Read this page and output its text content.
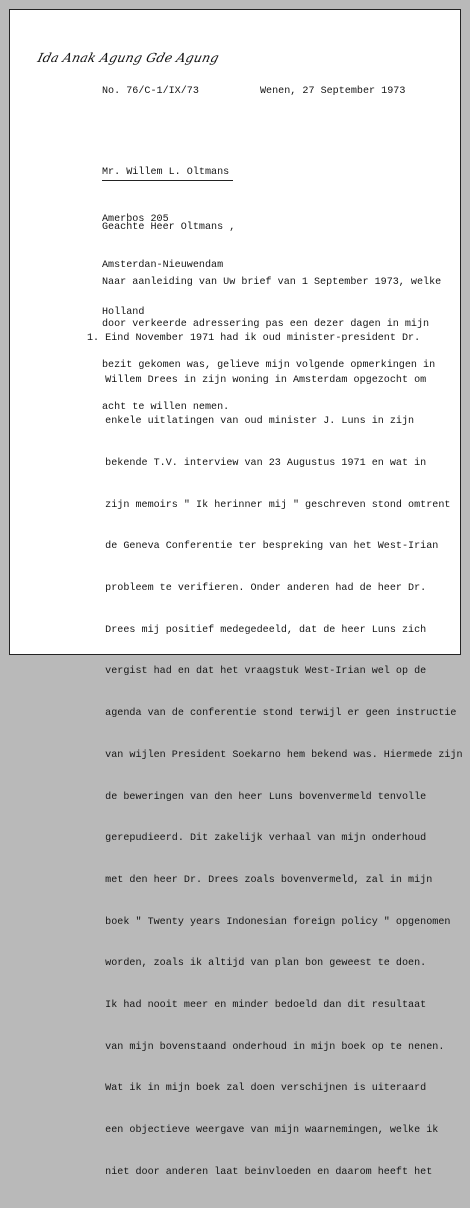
Ida Anak Agung Gde Agung
No. 76/C-1/IX/73	Wenen, 27 September 1973

Mr. Willem L. Oltmans

Amerbos 205

Amsterdan-Nieuwendam

Holland

Geachte Heer Oltmans ,

Naar aanleiding van Uw brief van 1 September 1973, welke

door verkeerde adressering pas een dezer dagen in mijn

bezit gekomen was, gelieve mijn volgende opmerkingen in

acht te willen nemen.

1. Eind November 1971 had ik oud minister-president Dr.

Willem Drees in zijn woning in Amsterdam opgezocht om

enkele uitlatingen van oud minister J. Luns in zijn

bekende T.V. interview van 23 Augustus 1971 en wat in

zijn memoirs " Ik herinner mij " geschreven stond omtrent

de Geneva Conferentie ter bespreking van het West-Irian

probleem te verifieren. Onder anderen had de heer Dr.

Drees mij positief medegedeeld, dat de heer Luns zich

vergist had en dat het vraagstuk West-Irian wel op de

agenda van de conferentie stond terwijl er geen instructie

van wijlen President Soekarno hem bekend was. Hiermede zijn

de beweringen van den heer Luns bovenvermeld tenvolle

gerepudieerd. Dit zakelijk verhaal van mijn onderhoud

met den heer Dr. Drees zoals bovenvermeld, zal in mijn

boek " Twenty years Indonesian foreign policy " opgenomen

worden, zoals ik altijd van plan bon geweest te doen.

Ik had nooit meer en minder bedoeld dan dit resultaat

van mijn bovenstaand onderhoud in mijn boek op te nenen.

Wat ik in mijn boek zal doen verschijnen is uiteraard

een objectieve weergave van mijn waarnemingen, welke ik

niet door anderen laat beinvloeden en daarom heeft het
